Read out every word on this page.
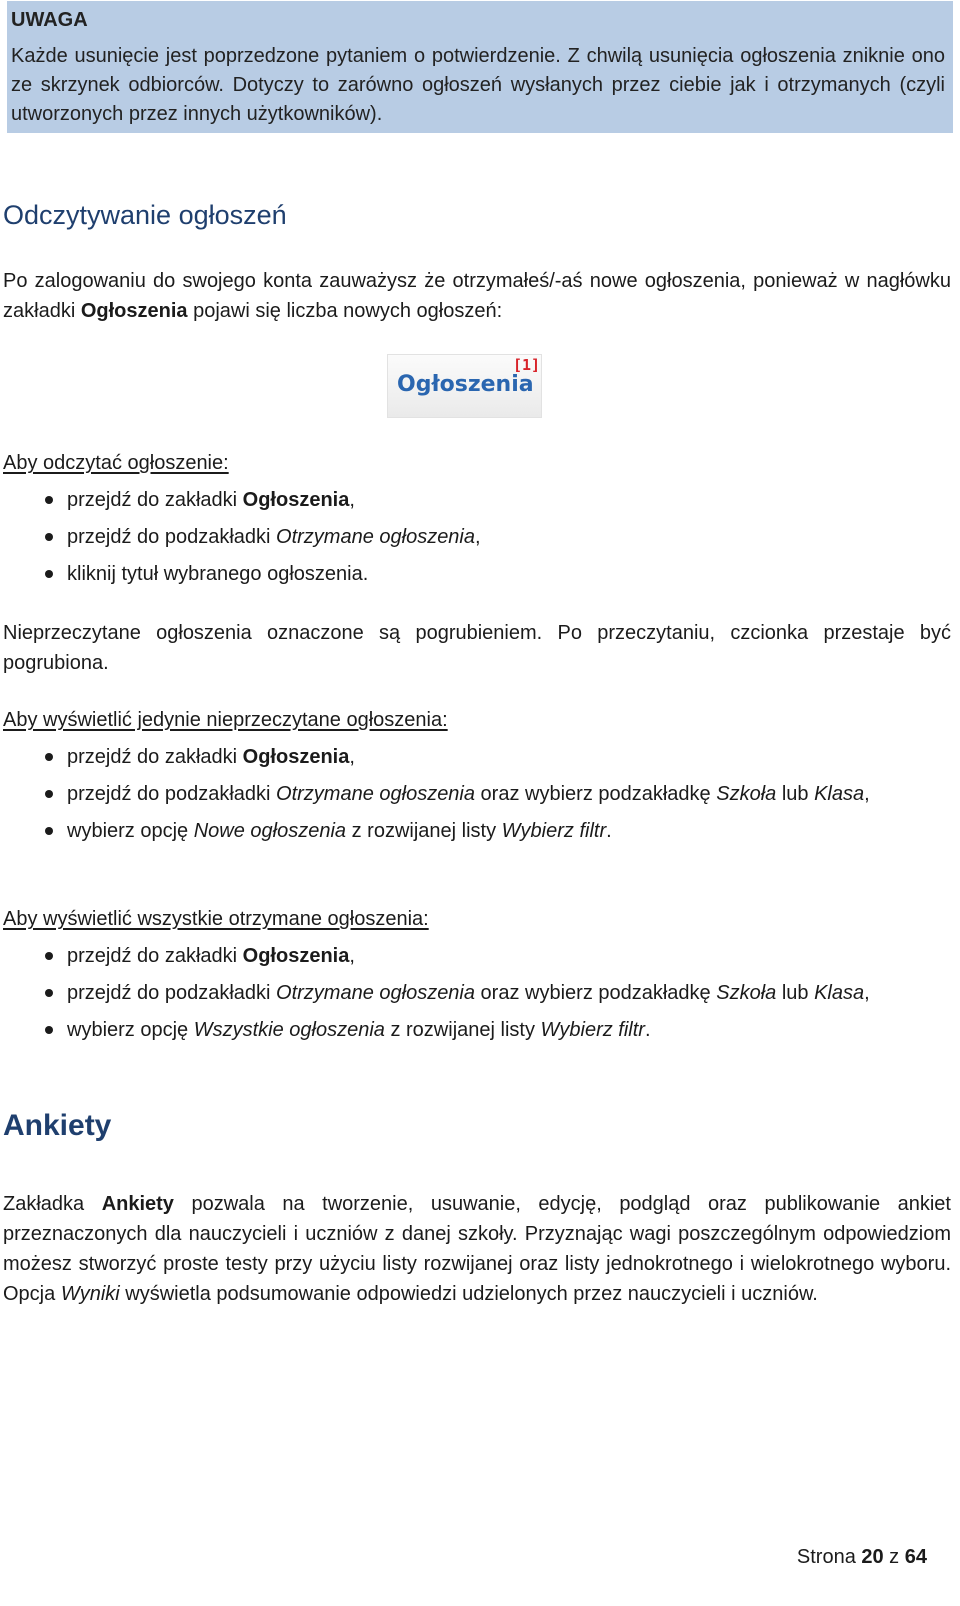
UWAGA
Każde usunięcie jest poprzedzone pytaniem o potwierdzenie. Z chwilą usunięcia ogłoszenia zniknie ono ze skrzynek odbiorców. Dotyczy to zarówno ogłoszeń wysłanych przez ciebie jak i otrzymanych (czyli utworzonych przez innych użytkowników).
Odczytywanie ogłoszeń

Po zalogowaniu do swojego konta zauważysz że otrzymałeś/-aś nowe ogłoszenia, ponieważ w nagłówku zakładki Ogłoszenia pojawi się liczba nowych ogłoszeń:

Ogłoszenia
[1]

Aby odczytać ogłoszenie:

przejdź do zakładki Ogłoszenia,
przejdź do podzakładki Otrzymane ogłoszenia,
kliknij tytuł wybranego ogłoszenia.

Nieprzeczytane ogłoszenia oznaczone są pogrubieniem. Po przeczytaniu, czcionka przestaje być pogrubiona.

Aby wyświetlić jedynie nieprzeczytane ogłoszenia:

przejdź do zakładki Ogłoszenia,
przejdź do podzakładki Otrzymane ogłoszenia oraz wybierz podzakładkę Szkoła lub Klasa,
wybierz opcję Nowe ogłoszenia z rozwijanej listy Wybierz filtr.

Aby wyświetlić wszystkie otrzymane ogłoszenia:

przejdź do zakładki Ogłoszenia,
przejdź do podzakładki Otrzymane ogłoszenia oraz wybierz podzakładkę Szkoła lub Klasa,
wybierz opcję Wszystkie ogłoszenia z rozwijanej listy Wybierz filtr.
Ankiety

Zakładka Ankiety pozwala na tworzenie, usuwanie, edycję, podgląd oraz publikowanie ankiet przeznaczonych dla nauczycieli i uczniów z danej szkoły. Przyznając wagi poszczególnym odpowiedziom możesz stworzyć proste testy przy użyciu listy rozwijanej oraz listy jednokrotnego i wielokrotnego wyboru. Opcja Wyniki wyświetla podsumowanie odpowiedzi udzielonych przez nauczycieli i uczniów.

Strona 20 z 64
